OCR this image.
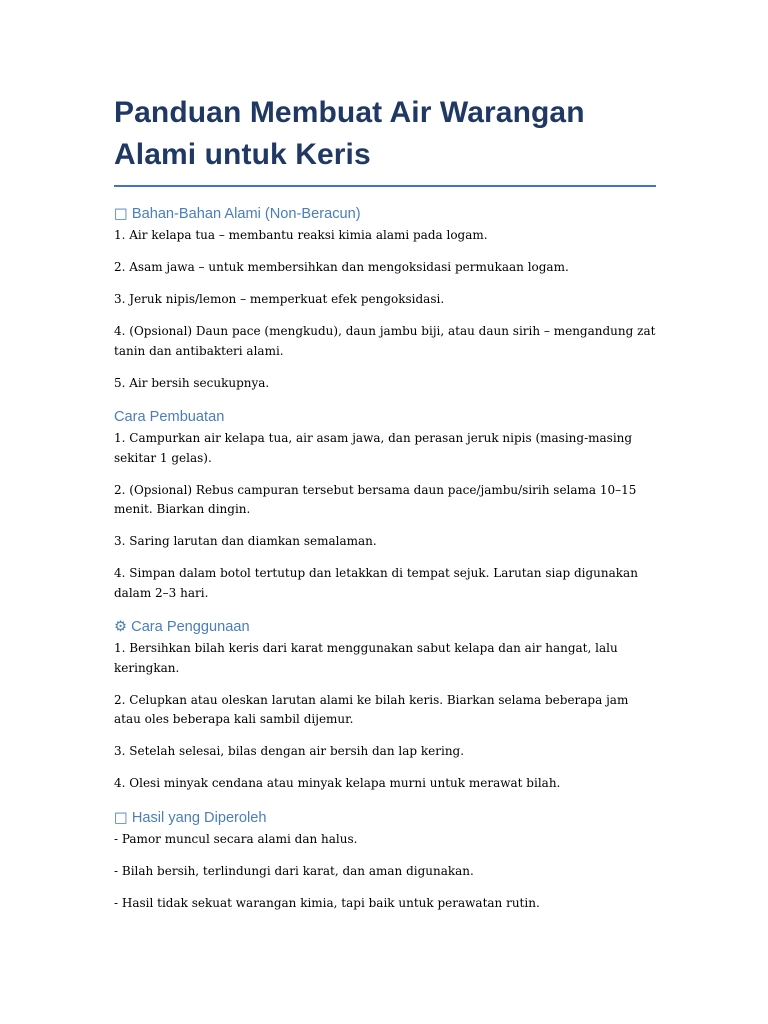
Panduan Membuat Air Warangan Alami untuk Keris
□ Bahan-Bahan Alami (Non-Beracun)

1. Air kelapa tua – membantu reaksi kimia alami pada logam.

2. Asam jawa – untuk membersihkan dan mengoksidasi permukaan logam.

3. Jeruk nipis/lemon – memperkuat efek pengoksidasi.

4. (Opsional) Daun pace (mengkudu), daun jambu biji, atau daun sirih – mengandung zat tanin dan antibakteri alami.

5. Air bersih secukupnya.

Cara Pembuatan

1. Campurkan air kelapa tua, air asam jawa, dan perasan jeruk nipis (masing-masing sekitar 1 gelas).

2. (Opsional) Rebus campuran tersebut bersama daun pace/jambu/sirih selama 10–15 menit. Biarkan dingin.

3. Saring larutan dan diamkan semalaman.

4. Simpan dalam botol tertutup dan letakkan di tempat sejuk. Larutan siap digunakan dalam 2–3 hari.

⚙ Cara Penggunaan

1. Bersihkan bilah keris dari karat menggunakan sabut kelapa dan air hangat, lalu keringkan.

2. Celupkan atau oleskan larutan alami ke bilah keris. Biarkan selama beberapa jam atau oles beberapa kali sambil dijemur.

3. Setelah selesai, bilas dengan air bersih dan lap kering.

4. Olesi minyak cendana atau minyak kelapa murni untuk merawat bilah.

□ Hasil yang Diperoleh

- Pamor muncul secara alami dan halus.

- Bilah bersih, terlindungi dari karat, dan aman digunakan.

- Hasil tidak sekuat warangan kimia, tapi baik untuk perawatan rutin.
